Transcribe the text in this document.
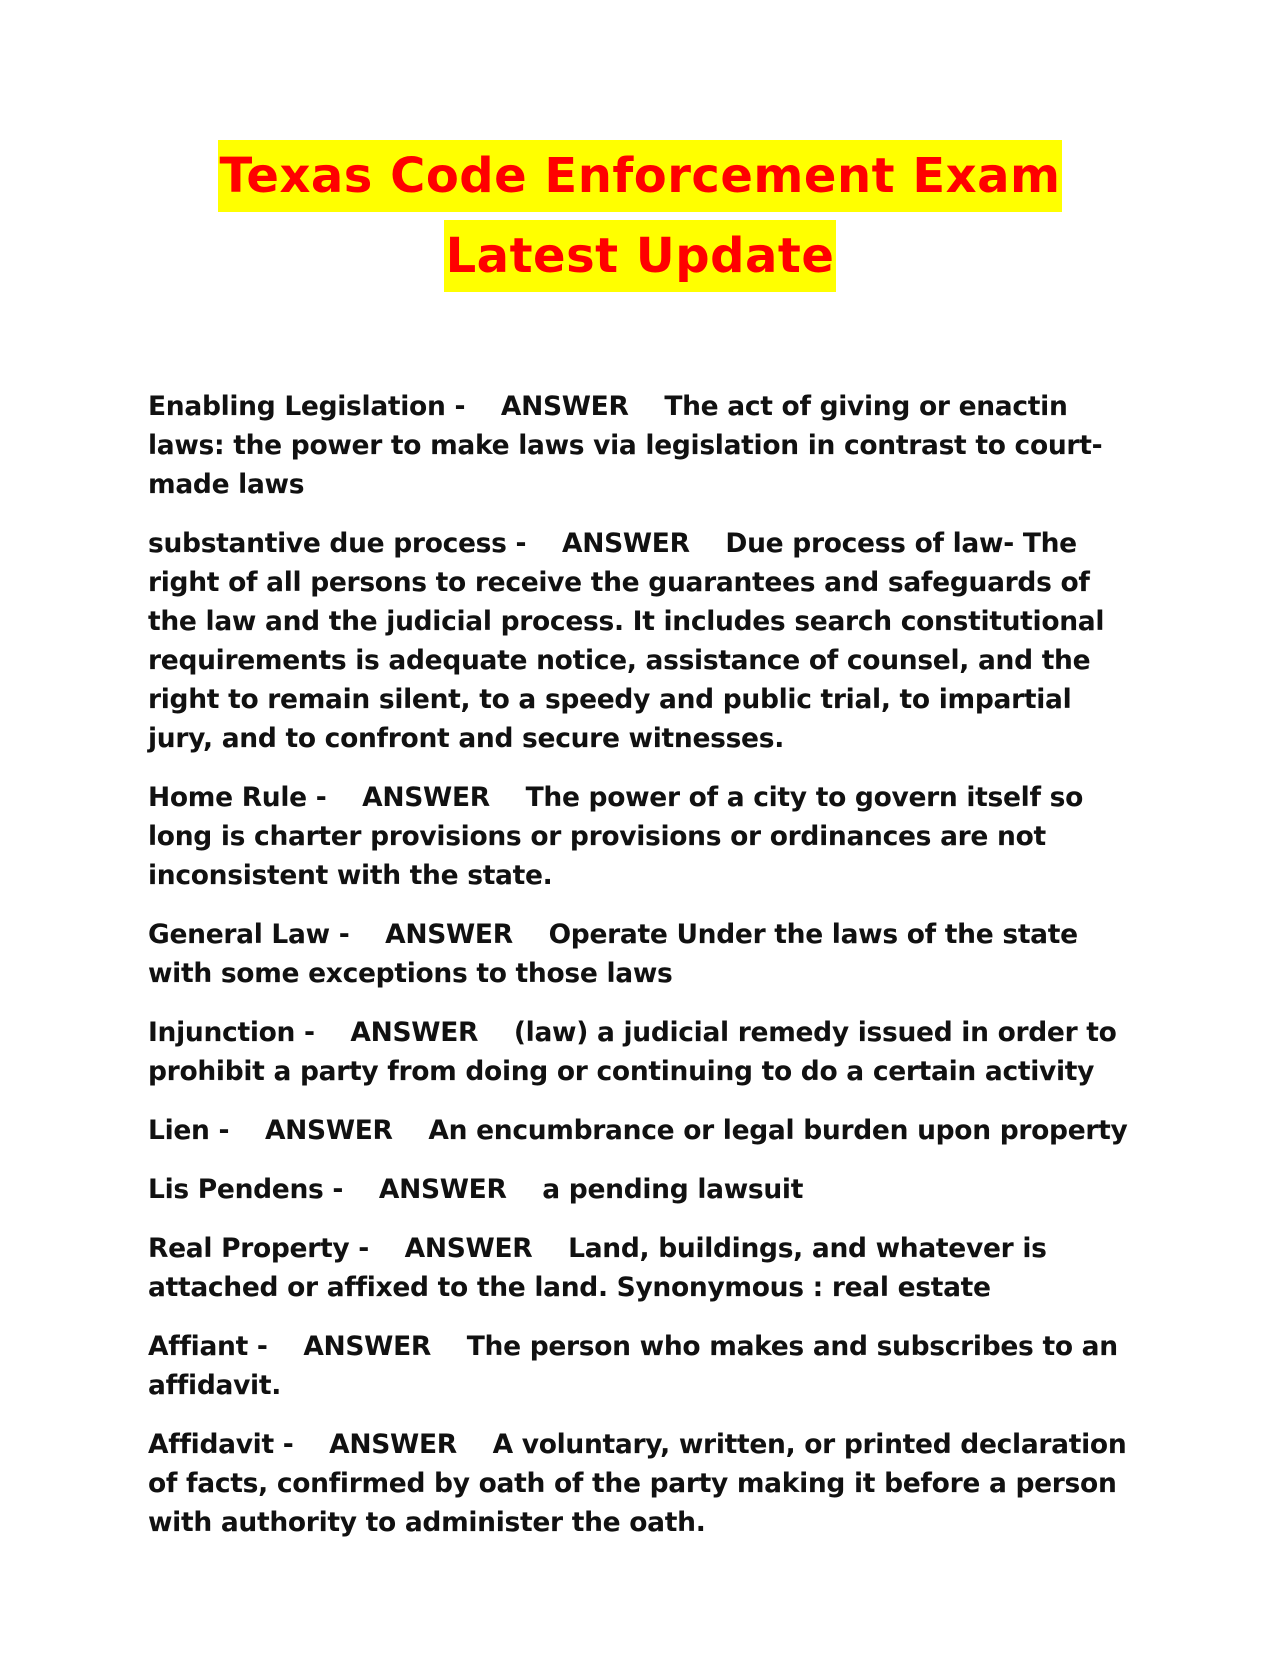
Texas Code Enforcement Exam
Latest Update

Enabling Legislation - ANSWER The act of giving or enactin laws: the power to make laws via legislation in contrast to court-made laws

substantive due process - ANSWER Due process of law- The right of all persons to receive the guarantees and safeguards of the law and the judicial process. It includes search constitutional requirements is adequate notice, assistance of counsel, and the right to remain silent, to a speedy and public trial, to impartial jury, and to confront and secure witnesses.

Home Rule - ANSWER The power of a city to govern itself so long is charter provisions or provisions or ordinances are not inconsistent with the state.

General Law - ANSWER Operate Under the laws of the state with some exceptions to those laws

Injunction - ANSWER (law) a judicial remedy issued in order to prohibit a party from doing or continuing to do a certain activity

Lien - ANSWER An encumbrance or legal burden upon property

Lis Pendens - ANSWER a pending lawsuit

Real Property - ANSWER Land, buildings, and whatever is attached or affixed to the land. Synonymous : real estate

Affiant - ANSWER The person who makes and subscribes to an affidavit.

Affidavit - ANSWER A voluntary, written, or printed declaration of facts, confirmed by oath of the party making it before a person with authority to administer the oath.
